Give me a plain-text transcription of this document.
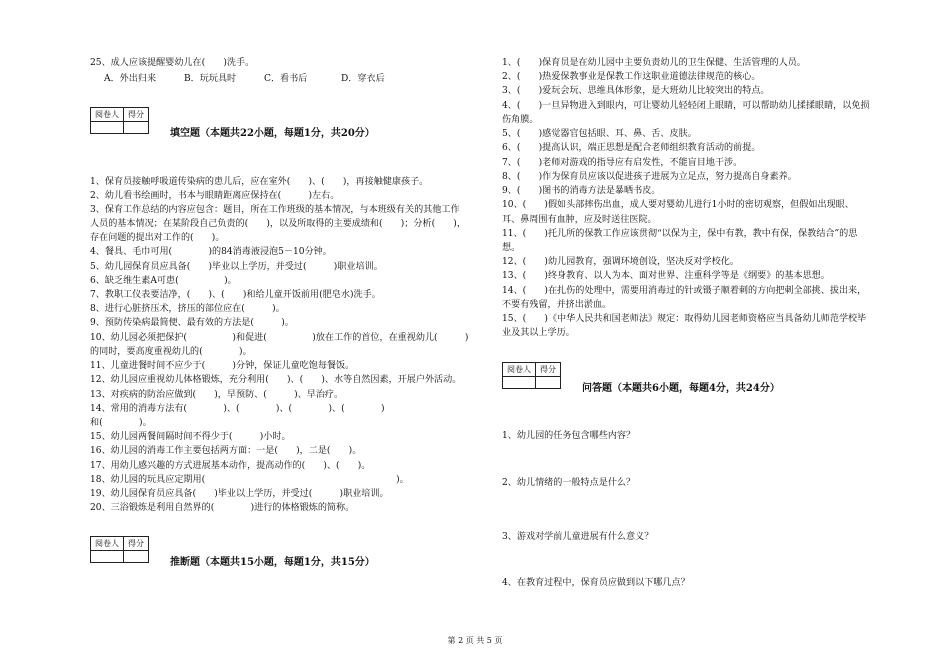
25、成人应该提醒婴幼儿在(　　)洗手。
A．外出归来	B．玩玩具时	C．看书后	D．穿衣后
阅卷人	得分

填空题（本题共22小题，每题1分，共20分）
1、保育员接触呼吸道传染病的患儿后，应在室外(　　)、(　　)，再接触健康孩子。
2、幼儿看书绘画时，书本与眼睛距离应保持在(　　　)左右。
3、保育工作总结的内容应包含：题目，所在工作班级的基本情况，与本班级有关的其他工作
人员的基本情况；在某阶段自己负责的(　　)，以及所取得的主要成绩和(　　)；分析(　　)，
存在问题的提出对工作的(　　)。
4、餐具、毛巾可用(　　　　)的84消毒液浸泡5－10分钟。
5、幼儿园保育员应具备(　　)毕业以上学历，并受过(　　　)职业培训。
6、缺乏维生素A可患(　　　　　)。
7、教职工仪表要洁净，(　　)、(　　)和给儿童开饭前用(肥皂水)洗手。
8、进行心脏挤压术，挤压的部位应在(　　　)。
9、预防传染病最简便、最有效的方法是(　　　)。
10、幼儿园必须把保护(　　　　　)和促进(　　　　　)放在工作的首位，在重视幼儿(　　　)
的同时，要高度重视幼儿的(　　　　)。
11、儿童进餐时间不应少于(　　　)分钟，保证儿童吃饱每餐饭。
12、幼儿园应重视幼儿体格锻炼，充分利用(　　)、(　　)、水等自然因素，开展户外活动。
13、对疾病的防治应做到(　　)，早预防、(　　　)、早治疗。
14、常用的消毒方法有(　　　　)、(　　　　)、(　　　　)、(　　　　)
和(　　　　)。
15、幼儿园两餐间隔时间不得少于(　　　)小时。
16、幼儿园的消毒工作主要包括两方面：一是(　　)，二是(　　)。
17、用幼儿感兴趣的方式进展基本动作，提高动作的(　　)、(　　)。
18、幼儿园的玩具应定期用(　　　　　　　　　　　　　　　　　　　　　)。
19、幼儿园保育员应具备(　　)毕业以上学历，并受过(　　　)职业培训。
20、三浴锻炼是利用自然界的(　　　　)进行的体格锻炼的简称。
阅卷人	得分

推断题（本题共15小题，每题1分，共15分）
1、(　　)保育员是在幼儿园中主要负责幼儿的卫生保健、生活管理的人员。
2、(　　)热爱保教事业是保教工作这职业道德法律规范的核心。
3、(　　)爱玩会玩、思维具体形象，是大班幼儿比较突出的特点。
4、(　　)一旦异物进入到眼内，可让婴幼儿轻轻闭上眼睛，可以帮助幼儿揉揉眼睛，以免损
伤角膜。
5、(　　)感觉器官包括眼、耳、鼻、舌、皮肤。
6、(　　)提高认识，端正思想是配合老师组织教育活动的前提。
7、(　　)老师对游戏的指导应有启发性，不能盲目地干涉。
8、(　　)作为保育员应该以促进孩子进展为立足点，努力提高自身素养。
9、(　　)图书的消毒方法是暴晒书皮。
10、(　　)假如头部摔伤出血，成人要对婴幼儿进行1小时的密切观察，但假如出现眼、
耳、鼻周围有血肿，应及时送往医院。
11、(　　)托儿所的保教工作应该贯彻“以保为主，保中有教，教中有保，保教结合”的思
想。
12、(　　)幼儿园教育，强调环境创设，坚决反对学校化。
13、(　　)终身教育、以人为本、面对世界、注重科学等是《纲要》的基本思想。
14、(　　)在扎伤的处理中，需要用消毒过的针或镊子顺着刺的方向把刺全部挑、拔出来，
不要有残留，并挤出淤血。
15、(　　)《中华人民共和国老师法》规定：取得幼儿园老师资格应当具备幼儿师范学校毕
业及其以上学历。
阅卷人	得分

问答题（本题共6小题，每题4分，共24分）
1、幼儿园的任务包含哪些内容？
2、幼儿情绪的一般特点是什么？
3、游戏对学前儿童进展有什么意义？
4、在教育过程中，保育员应做到以下哪几点？
第 2 页 共 5 页
